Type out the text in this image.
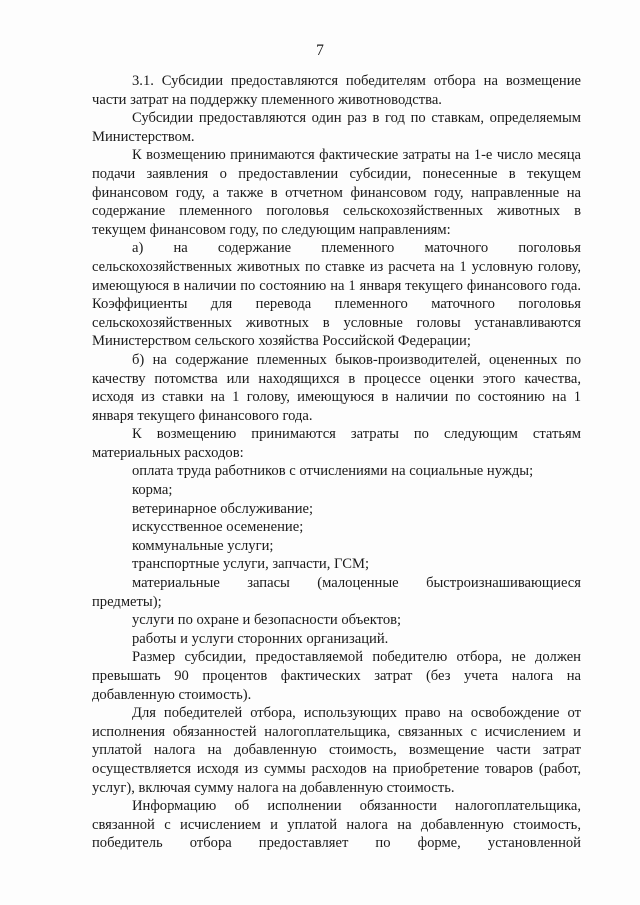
7

3.1. Субсидии предоставляются победителям отбора на возмещение части затрат на поддержку племенного животноводства.

Субсидии предоставляются один раз в год по ставкам, определяемым Министерством.

К возмещению принимаются фактические затраты на 1-е число месяца подачи заявления о предоставлении субсидии, понесенные в текущем финансовом году, а также в отчетном финансовом году, направленные на содержание племенного поголовья сельскохозяйственных животных в текущем финансовом году, по следующим направлениям:

а) на содержание племенного маточного поголовья сельскохозяйственных животных по ставке из расчета на 1 условную голову, имеющуюся в наличии по состоянию на 1 января текущего финансового года. Коэффициенты для перевода племенного маточного поголовья сельскохозяйственных животных в условные головы устанавливаются Министерством сельского хозяйства Российской Федерации;

б) на содержание племенных быков-производителей, оцененных по качеству потомства или находящихся в процессе оценки этого качества, исходя из ставки на 1 голову, имеющуюся в наличии по состоянию на 1 января текущего финансового года.

К возмещению принимаются затраты по следующим статьям материальных расходов:

оплата труда работников с отчислениями на социальные нужды;

корма;

ветеринарное обслуживание;

искусственное осеменение;

коммунальные услуги;

транспортные услуги, запчасти, ГСМ;

материальные запасы (малоценные быстроизнашивающиеся предметы);

услуги по охране и безопасности объектов;

работы и услуги сторонних организаций.

Размер субсидии, предоставляемой победителю отбора, не должен превышать 90 процентов фактических затрат (без учета налога на добавленную стоимость).

Для победителей отбора, использующих право на освобождение от исполнения обязанностей налогоплательщика, связанных с исчислением и уплатой налога на добавленную стоимость, возмещение части затрат осуществляется исходя из суммы расходов на приобретение товаров (работ, услуг), включая сумму налога на добавленную стоимость.

Информацию об исполнении обязанности налогоплательщика, связанной с исчислением и уплатой налога на добавленную стоимость, победитель отбора предоставляет по форме, установленной
